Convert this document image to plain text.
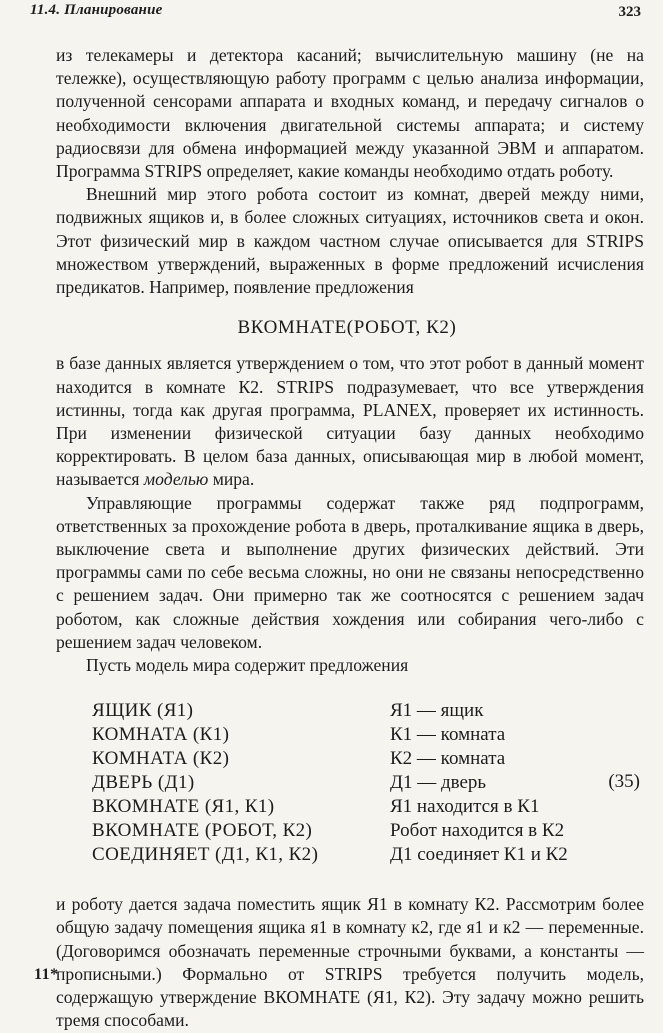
11.4. Планирование	323

из телекамеры и детектора касаний; вычислительную машину (не на тележке), осуществляющую работу программ с целью анализа информации, полученной сенсорами аппарата и входных команд, и передачу сигналов о необходимости включения двигательной системы аппарата; и систему радиосвязи для обмена информацией между указанной ЭВМ и аппаратом. Программа STRIPS определяет, какие команды необходимо отдать роботу.

Внешний мир этого робота состоит из комнат, дверей между ними, подвижных ящиков и, в более сложных ситуациях, источников света и окон. Этот физический мир в каждом частном случае описывается для STRIPS множеством утверждений, выраженных в форме предложений исчисления предикатов. Например, появление предложения

ВКОМНАТЕ(РОБОТ, К2)

в базе данных является утверждением о том, что этот робот в данный момент находится в комнате К2. STRIPS подразумевает, что все утверждения истинны, тогда как другая программа, PLANEX, проверяет их истинность. При изменении физической ситуации базу данных необходимо корректировать. В целом база данных, описывающая мир в любой момент, называется моделью мира.

Управляющие программы содержат также ряд подпрограмм, ответственных за прохождение робота в дверь, проталкивание ящика в дверь, выключение света и выполнение других физических действий. Эти программы сами по себе весьма сложны, но они не связаны непосредственно с решением задач. Они примерно так же соотносятся с решением задач роботом, как сложные действия хождения или собирания чего-либо с решением задач человеком.

Пусть модель мира содержит предложения

ЯЩИК (Я1)	Я1 — ящик
КОМНАТА (К1)	К1 — комната
КОМНАТА (К2)	К2 — комната
ДВЕРЬ (Д1)	Д1 — дверь
ВКОМНАТЕ (Я1, К1)	Я1 находится в К1
ВКОМНАТЕ (РОБОТ, К2)	Робот находится в К2
СОЕДИНЯЕТ (Д1, К1, К2)	Д1 соединяет К1 и К2
(35)

и роботу дается задача поместить ящик Я1 в комнату К2. Рассмотрим более общую задачу помещения ящика я1 в комнату к2, где я1 и к2 — переменные. (Договоримся обозначать переменные строчными буквами, а константы — прописными.) Формально от STRIPS требуется получить модель, содержащую утверждение ВКОМНАТЕ (Я1, К2). Эту задачу можно решить тремя способами.

11*
